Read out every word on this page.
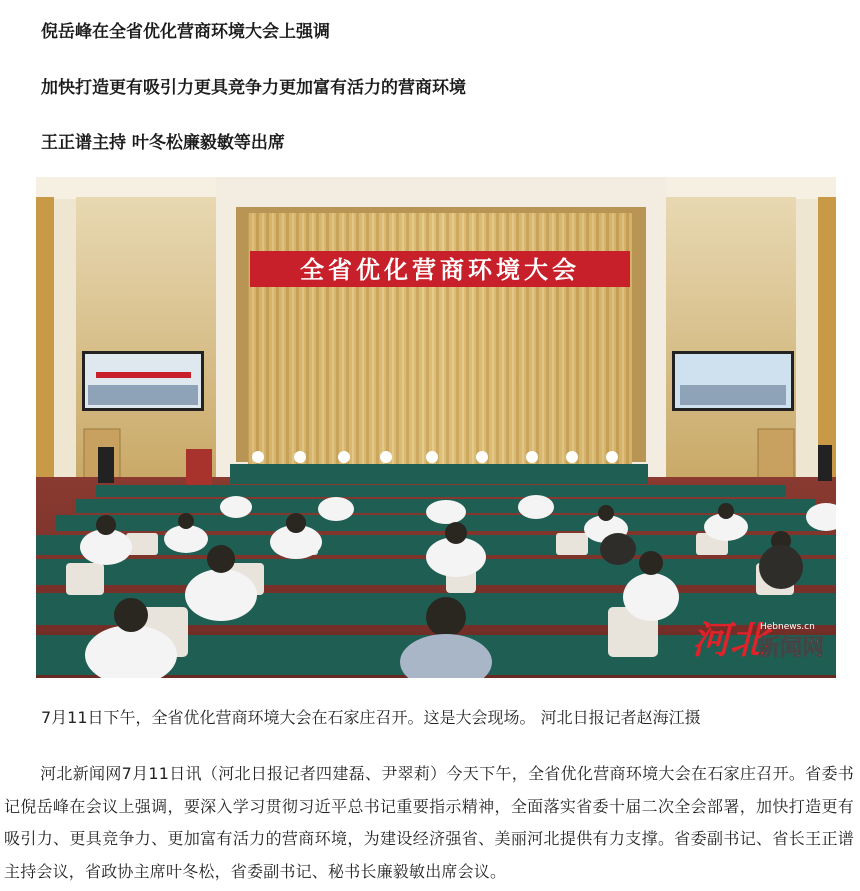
倪岳峰在全省优化营商环境大会上强调
加快打造更有吸引力更具竞争力更加富有活力的营商环境
王正谱主持 叶冬松廉毅敏等出席
全省优化营商环境大会
河北
Hebnews.cn
新闻网
7月11日下午，全省优化营商环境大会在石家庄召开。这是大会现场。 河北日报记者赵海江摄
河北新闻网7月11日讯（河北日报记者四建磊、尹翠莉）今天下午，全省优化营商环境大会在石家庄召开。省委书记倪岳峰在会议上强调，要深入学习贯彻习近平总书记重要指示精神，全面落实省委十届二次全会部署，加快打造更有吸引力、更具竞争力、更加富有活力的营商环境，为建设经济强省、美丽河北提供有力支撑。省委副书记、省长王正谱主持会议，省政协主席叶冬松，省委副书记、秘书长廉毅敏出席会议。
